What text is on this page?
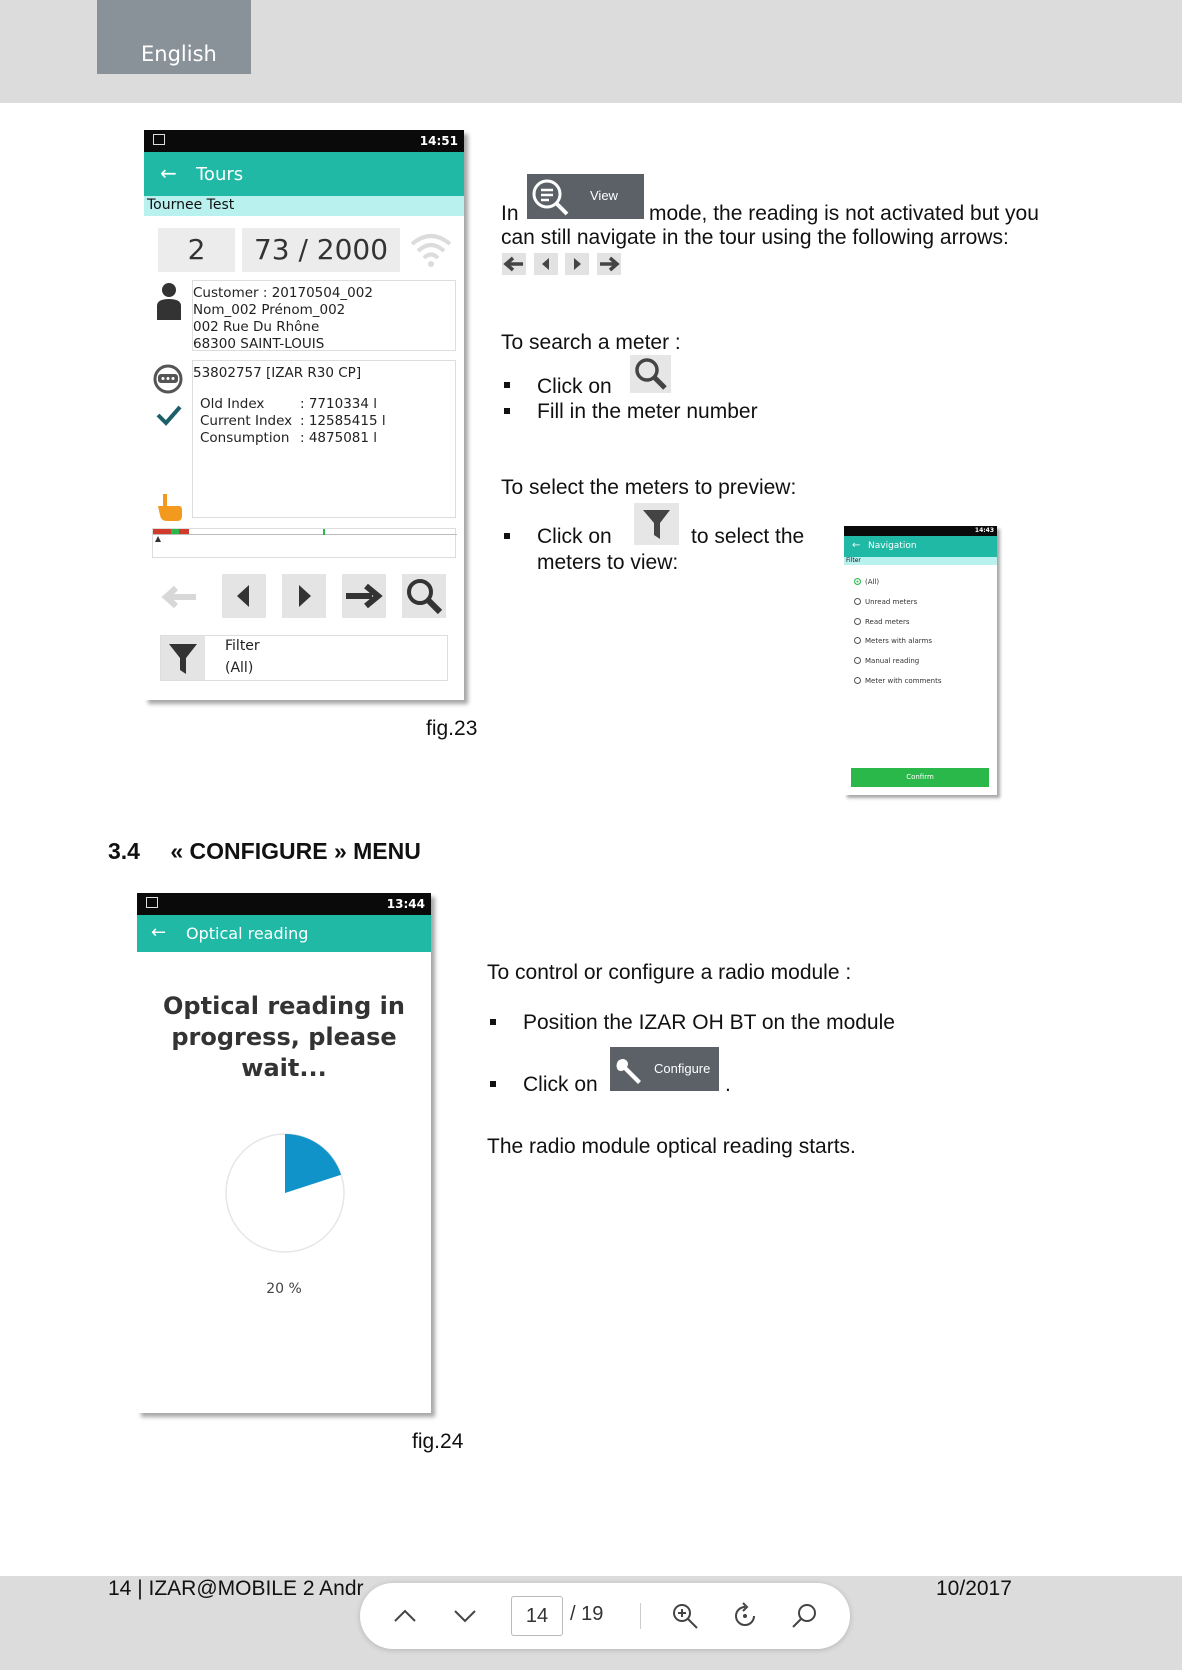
English
14:51
← Tours
Tournee Test
2	73 / 2000
Customer : 20170504_002
Nom_002 Prénom_002
002 Rue Du Rhône
68300 SAINT-LOUIS
53802757 [IZAR R30 CP]
Old Index	: 7710334 l
Current Index	: 12585415 l
Consumption	: 4875081 l
Filter
(All)
fig.23
In
View
mode, the reading is not activated but you
can still navigate in the tour using the following arrows:
To search a meter :
Click on
Fill in the meter number
To select the meters to preview:
Click on	to select the
meters to view:
14:43
← Navigation
Filter
(All)
Unread meters
Read meters
Meters with alarms
Manual reading
Meter with comments
Confirm
3.4 « CONFIGURE » MENU
13:44
← Optical reading
Optical reading in
progress, please
wait...
20 %
fig.24
To control or configure a radio module :
Position the IZAR OH BT on the module
Click on
Configure
.
The radio module optical reading starts.
14 | IZAR@MOBILE 2 Andr	10/2017
14	/ 19
